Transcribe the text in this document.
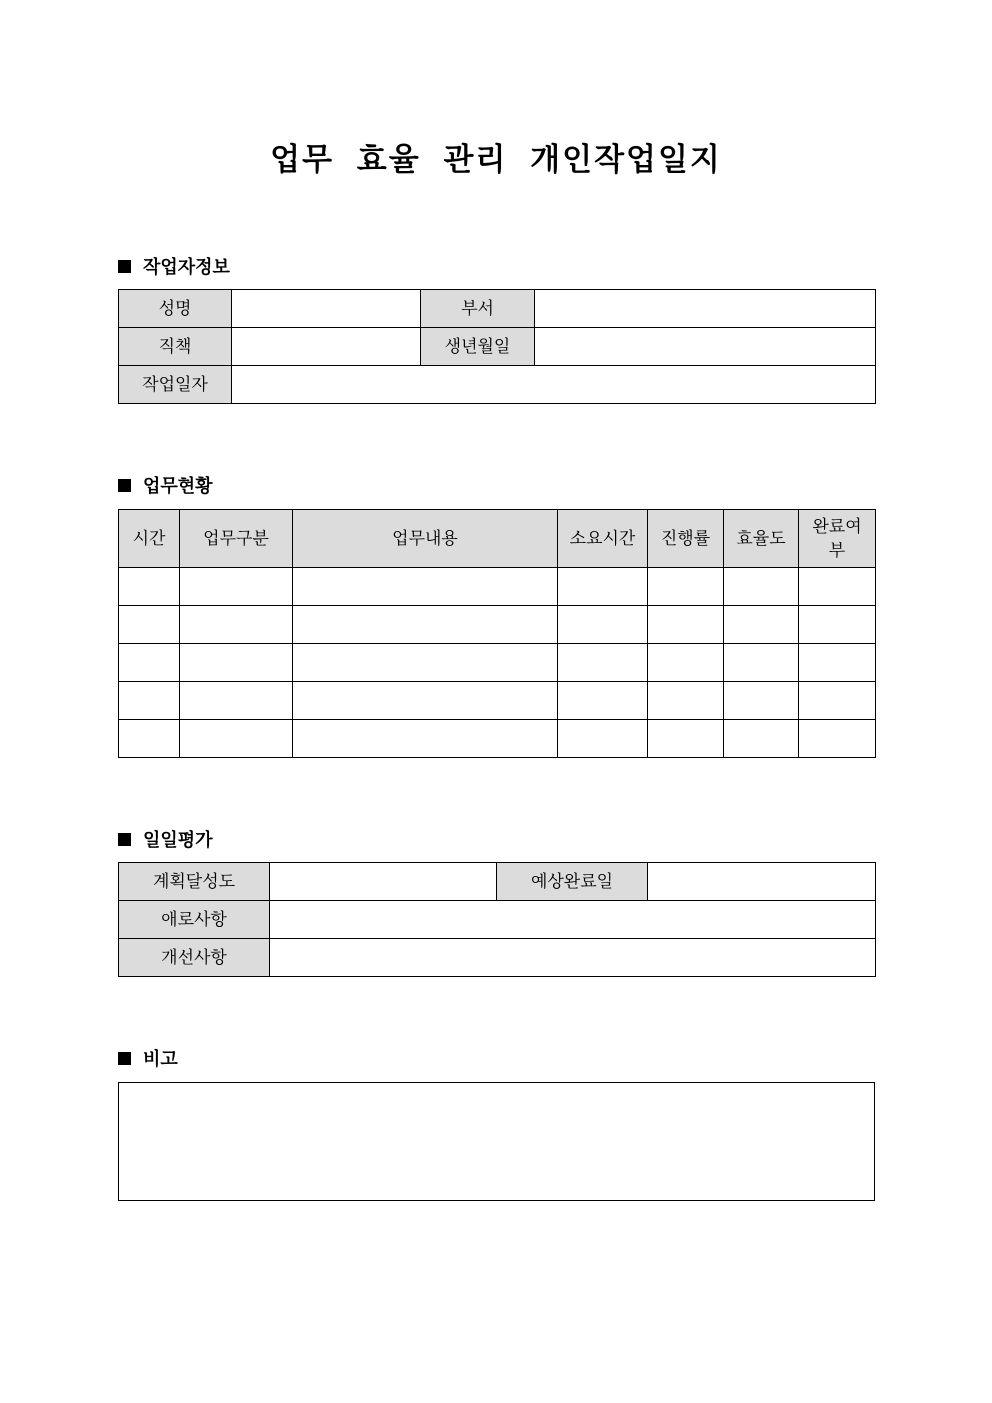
업무 효율 관리 개인작업일지
작업자정보
성명		부서	
직책		생년월일	
작업일자			
업무현황
시간	업무구분	업무내용	소요시간	진행률	효율도	완료여부

일일평가
계획달성도		예상완료일	
애로사항			
개선사항			
비고
